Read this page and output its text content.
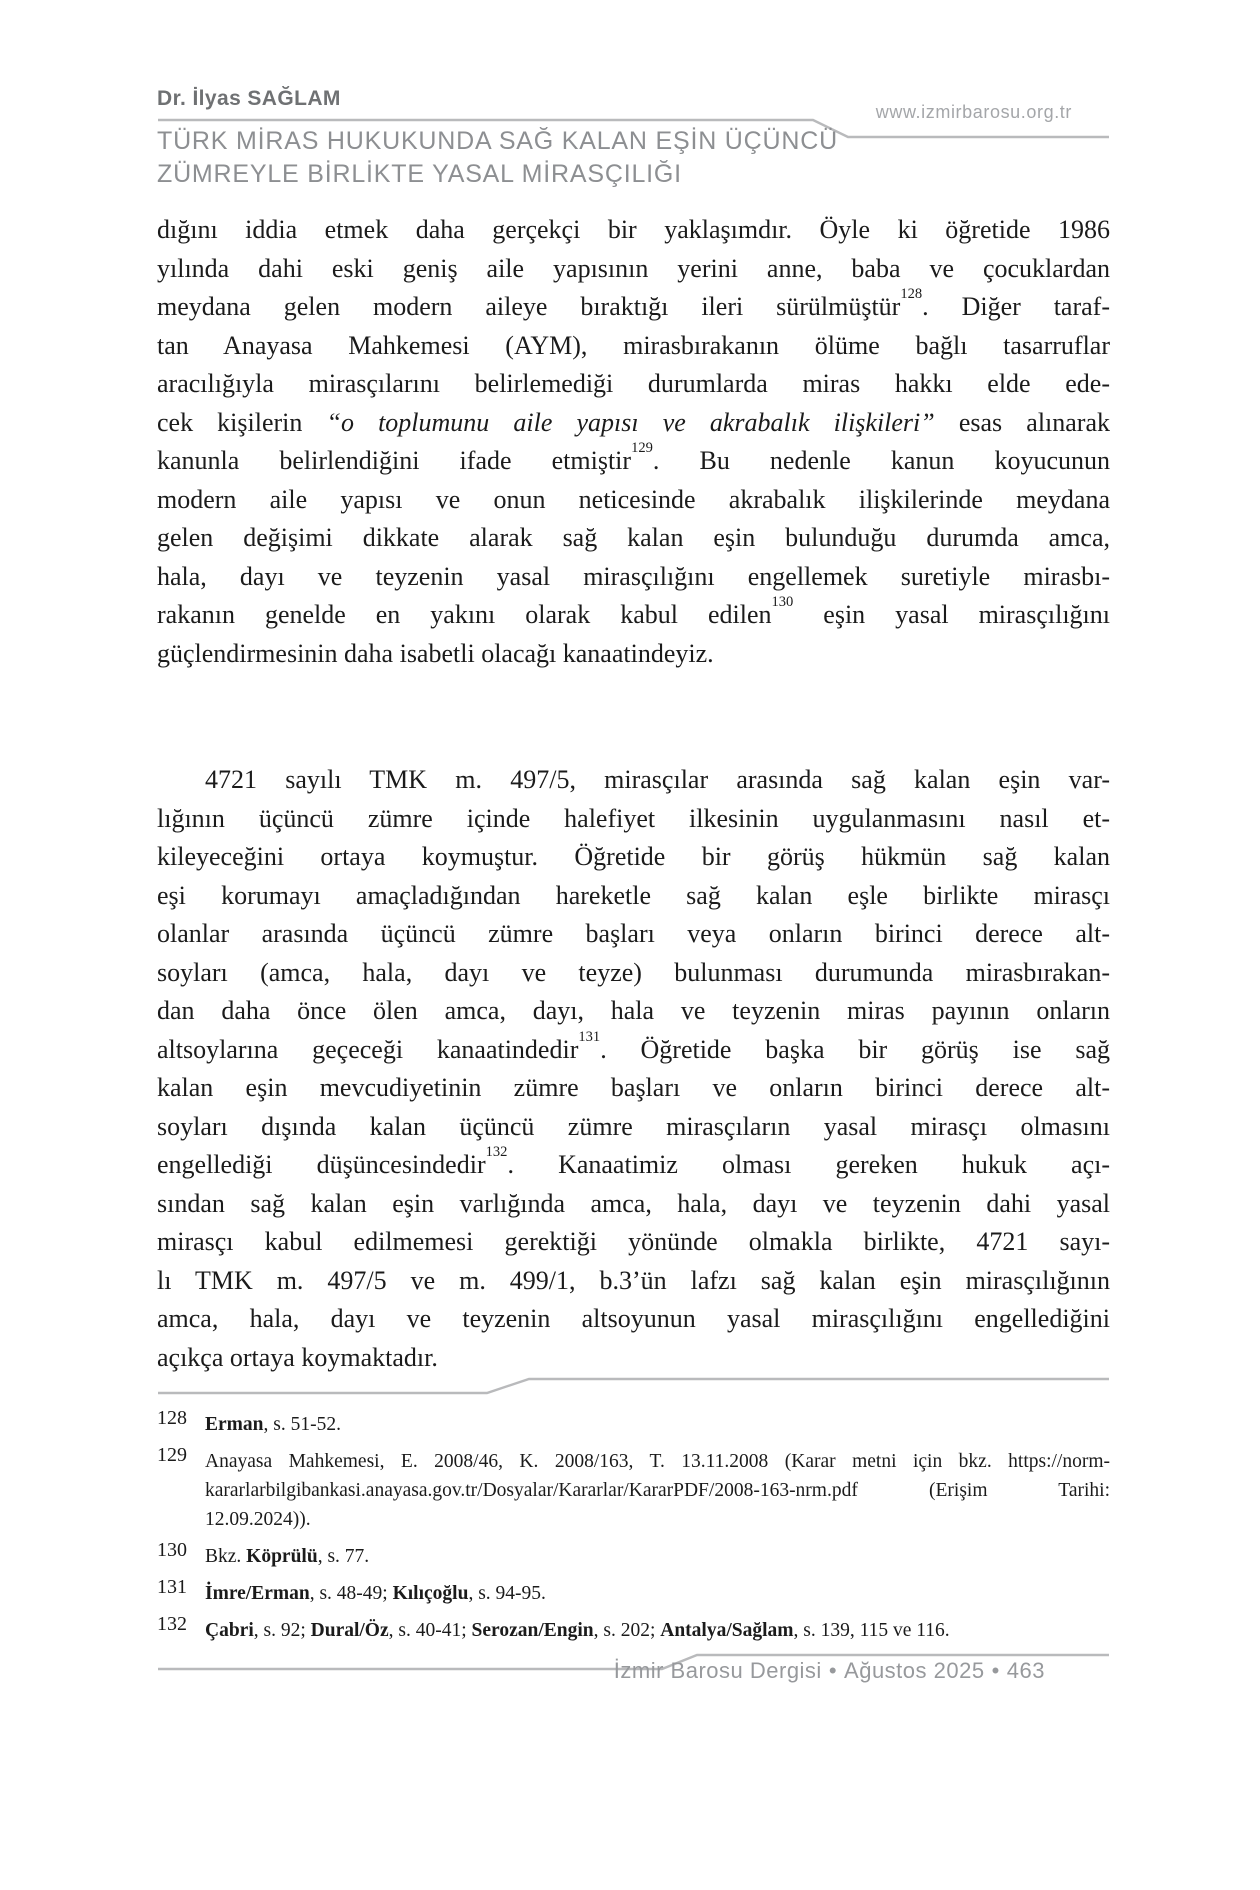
Dr. İlyas SAĞLAM
www.izmirbarosu.org.tr
TÜRK MİRAS HUKUKUNDA SAĞ KALAN EŞİN ÜÇÜNCÜ
ZÜMREYLE BİRLİKTE YASAL MİRASÇILIĞI
dığını iddia etmek daha gerçekçi bir yaklaşımdır. Öyle ki öğretide 1986
yılında dahi eski geniş aile yapısının yerini anne, baba ve çocuklardan
meydana gelen modern aileye bıraktığı ileri sürülmüştür$^{128}$. Diğer taraf-
tan Anayasa Mahkemesi (AYM), mirasbırakanın ölüme bağlı tasarruflar
aracılığıyla mirasçılarını belirlemediği durumlarda miras hakkı elde ede-
cek kişilerin “o toplumunu aile yapısı ve akrabalık ilişkileri” esas alınarak
kanunla belirlendiğini ifade etmiştir$^{129}$. Bu nedenle kanun koyucunun
modern aile yapısı ve onun neticesinde akrabalık ilişkilerinde meydana
gelen değişimi dikkate alarak sağ kalan eşin bulunduğu durumda amca,
hala, dayı ve teyzenin yasal mirasçılığını engellemek suretiyle mirasbı-
rakanın genelde en yakını olarak kabul edilen$^{130}$ eşin yasal mirasçılığını
güçlendirmesinin daha isabetli olacağı kanaatindeyiz.
4721 sayılı TMK m. 497/5, mirasçılar arasında sağ kalan eşin var-
lığının üçüncü zümre içinde halefiyet ilkesinin uygulanmasını nasıl et-
kileyeceğini ortaya koymuştur. Öğretide bir görüş hükmün sağ kalan
eşi korumayı amaçladığından hareketle sağ kalan eşle birlikte mirasçı
olanlar arasında üçüncü zümre başları veya onların birinci derece alt-
soyları (amca, hala, dayı ve teyze) bulunması durumunda mirasbırakan-
dan daha önce ölen amca, dayı, hala ve teyzenin miras payının onların
altsoylarına geçeceği kanaatindedir$^{131}$. Öğretide başka bir görüş ise sağ
kalan eşin mevcudiyetinin zümre başları ve onların birinci derece alt-
soyları dışında kalan üçüncü zümre mirasçıların yasal mirasçı olmasını
engellediği düşüncesindedir$^{132}$. Kanaatimiz olması gereken hukuk açı-
sından sağ kalan eşin varlığında amca, hala, dayı ve teyzenin dahi yasal
mirasçı kabul edilmemesi gerektiği yönünde olmakla birlikte, 4721 sayı-
lı TMK m. 497/5 ve m. 499/1, b.3’ün lafzı sağ kalan eşin mirasçılığının
amca, hala, dayı ve teyzenin altsoyunun yasal mirasçılığını engellediğini
açıkça ortaya koymaktadır.
128 Erman, s. 51-52.
129 Anayasa Mahkemesi, E. 2008/46, K. 2008/163, T. 13.11.2008 (Karar metni için bkz. https://norm-
kararlarbilgibankasi.anayasa.gov.tr/Dosyalar/Kararlar/KararPDF/2008-163-nrm.pdf (Erişim Tarihi:
12.09.2024)).
130 Bkz. Köprülü, s. 77.
131 İmre/Erman, s. 48-49; Kılıçoğlu, s. 94-95.
132 Çabri, s. 92; Dural/Öz, s. 40-41; Serozan/Engin, s. 202; Antalya/Sağlam, s. 139, 115 ve 116.
İzmir Barosu Dergisi • Ağustos 2025 • 463
